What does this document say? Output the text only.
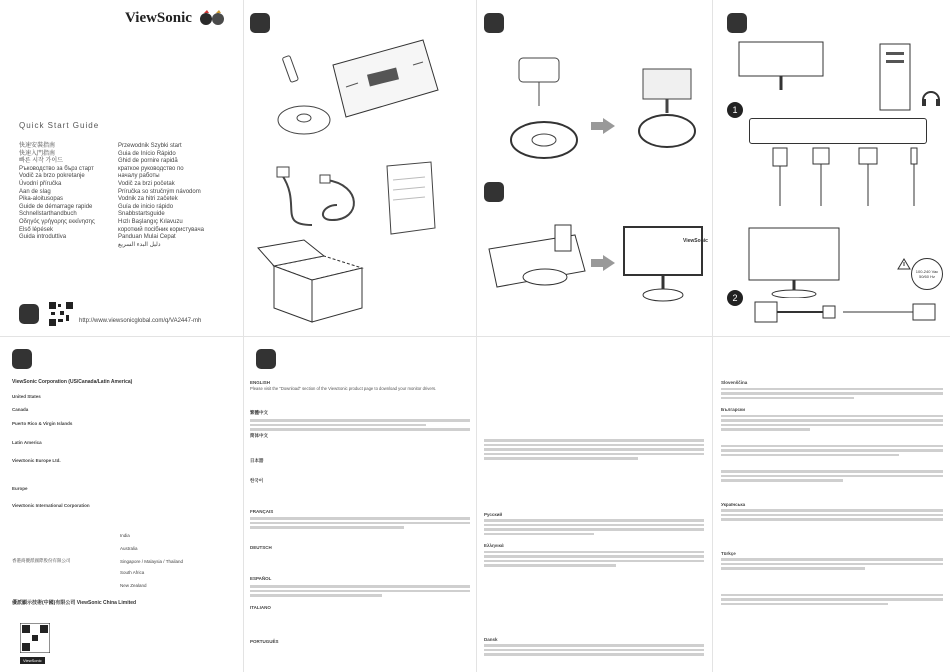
ViewSonic
Quick Start Guide
快速安裝指南
快速入門指南
빠른 시작 가이드
Ръководство за бърз старт
Vodič za brzo pokretanje
Úvodní příručka
Aan de slag
Pika-aloitusopas
Guide de démarrage rapide
Schnellstarthandbuch
Οδηγός γρήγορης εκκίνησης
Első lépések
Guida introduttiva
Przewodnik Szybki start
Guia de Início Rápido
Ghid de pornire rapidă
краткое руководство по
началу работы
Vodič za brzi početak
Príručka so stručným návodom
Vodnik za hitri začetek
Guía de inicio rápido
Snabbstartsguide
Hızlı Başlangıç Kılavuzu
короткий посібник користувача
Panduan Mulai Cepat
دليل البدء السريع
http://www.viewsonicglobal.com/q/VA2447-mh
ViewSonic
1
100-240 Vac 50/60 Hz
2
ViewSonic Corporation (US/Canada/Latin America)
United States
Canada
Puerto Rico & Virgin Islands
Latin America
ViewSonic Europe Ltd.
Europe
ViewSonic International Corporation
香港商優派國際股份有限公司
India
Australia
Singapore / Malaysia / Thailand
South Africa
New Zealand
優派顯示技術(中國)有限公司 ViewSonic China Limited
ViewSonic
ENGLISH
Please visit the "Download" section of the ViewSonic product page to download your monitor drivers.
繁體中文
简体中文
日本語
한국어
FRANÇAIS
DEUTSCH
ESPAÑOL
ITALIANO
PORTUGUÊS
Русский
Ελληνικά
Dansk
Slovenščina
Български
Українська
Türkçe
